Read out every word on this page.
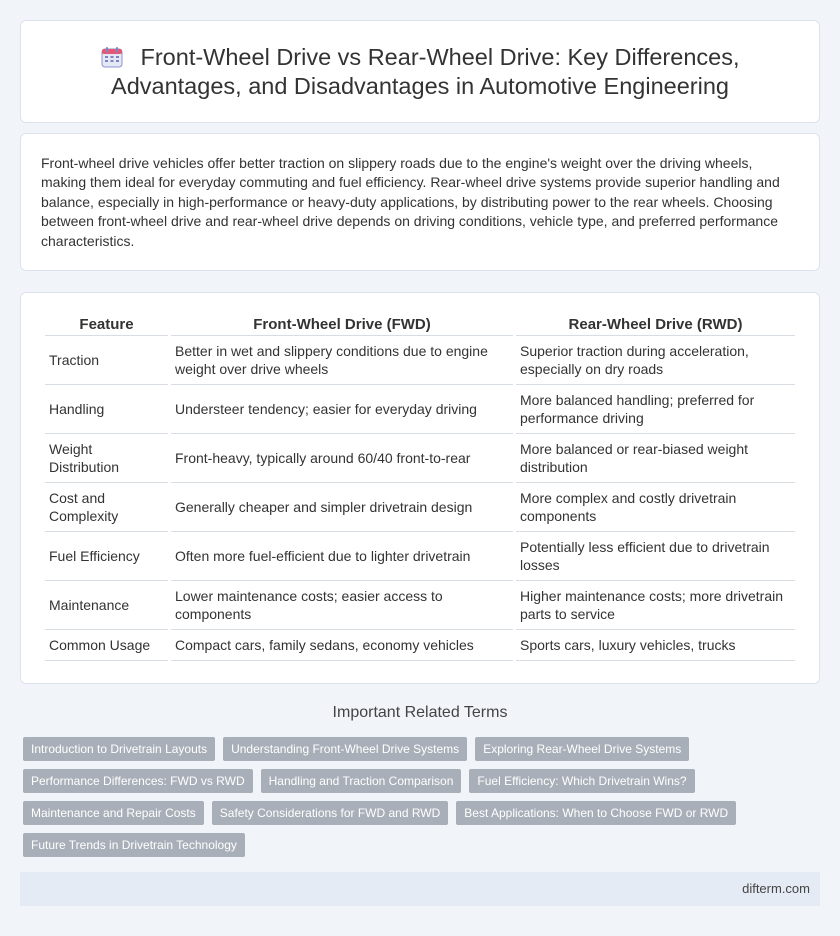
Front-Wheel Drive vs Rear-Wheel Drive: Key Differences, Advantages, and Disadvantages in Automotive Engineering

Front-wheel drive vehicles offer better traction on slippery roads due to the engine's weight over the driving wheels, making them ideal for everyday commuting and fuel efficiency. Rear-wheel drive systems provide superior handling and balance, especially in high-performance or heavy-duty applications, by distributing power to the rear wheels. Choosing between front-wheel drive and rear-wheel drive depends on driving conditions, vehicle type, and preferred performance characteristics.

Feature	Front-Wheel Drive (FWD)	Rear-Wheel Drive (RWD)
Traction	Better in wet and slippery conditions due to engine weight over drive wheels	Superior traction during acceleration, especially on dry roads
Handling	Understeer tendency; easier for everyday driving	More balanced handling; preferred for performance driving
Weight Distribution	Front-heavy, typically around 60/40 front-to-rear	More balanced or rear-biased weight distribution
Cost and Complexity	Generally cheaper and simpler drivetrain design	More complex and costly drivetrain components
Fuel Efficiency	Often more fuel-efficient due to lighter drivetrain	Potentially less efficient due to drivetrain losses
Maintenance	Lower maintenance costs; easier access to components	Higher maintenance costs; more drivetrain parts to service
Common Usage	Compact cars, family sedans, economy vehicles	Sports cars, luxury vehicles, trucks
Important Related Terms
Introduction to Drivetrain Layouts	Understanding Front-Wheel Drive Systems	Exploring Rear-Wheel Drive Systems
Performance Differences: FWD vs RWD	Handling and Traction Comparison	Fuel Efficiency: Which Drivetrain Wins?
Maintenance and Repair Costs	Safety Considerations for FWD and RWD	Best Applications: When to Choose FWD or RWD
Future Trends in Drivetrain Technology
difterm.com
